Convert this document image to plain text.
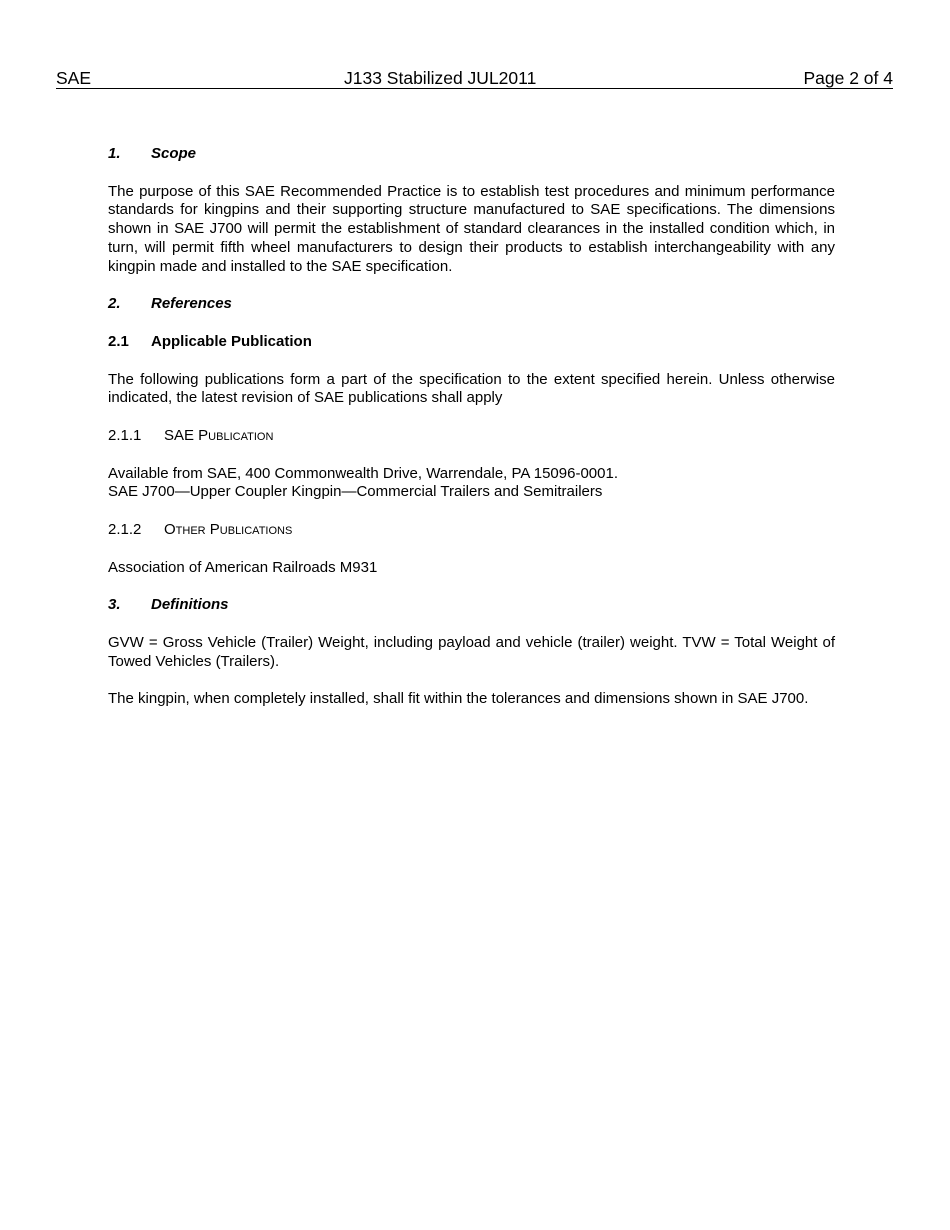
SAE	J133 Stabilized JUL2011	Page 2 of 4
1. Scope

The purpose of this SAE Recommended Practice is to establish test procedures and minimum performance standards for kingpins and their supporting structure manufactured to SAE specifications. The dimensions shown in SAE J700 will permit the establishment of standard clearances in the installed condition which, in turn, will permit fifth wheel manufacturers to design their products to establish interchangeability with any kingpin made and installed to the SAE specification.

2. References
2.1 Applicable Publication

The following publications form a part of the specification to the extent specified herein. Unless otherwise indicated, the latest revision of SAE publications shall apply

2.1.1 SAE Publication

Available from SAE, 400 Commonwealth Drive, Warrendale, PA 15096-0001.
SAE J700—Upper Coupler Kingpin—Commercial Trailers and Semitrailers

2.1.2 Other Publications

Association of American Railroads M931

3. Definitions

GVW = Gross Vehicle (Trailer) Weight, including payload and vehicle (trailer) weight. TVW = Total Weight of Towed Vehicles (Trailers).

The kingpin, when completely installed, shall fit within the tolerances and dimensions shown in SAE J700.
